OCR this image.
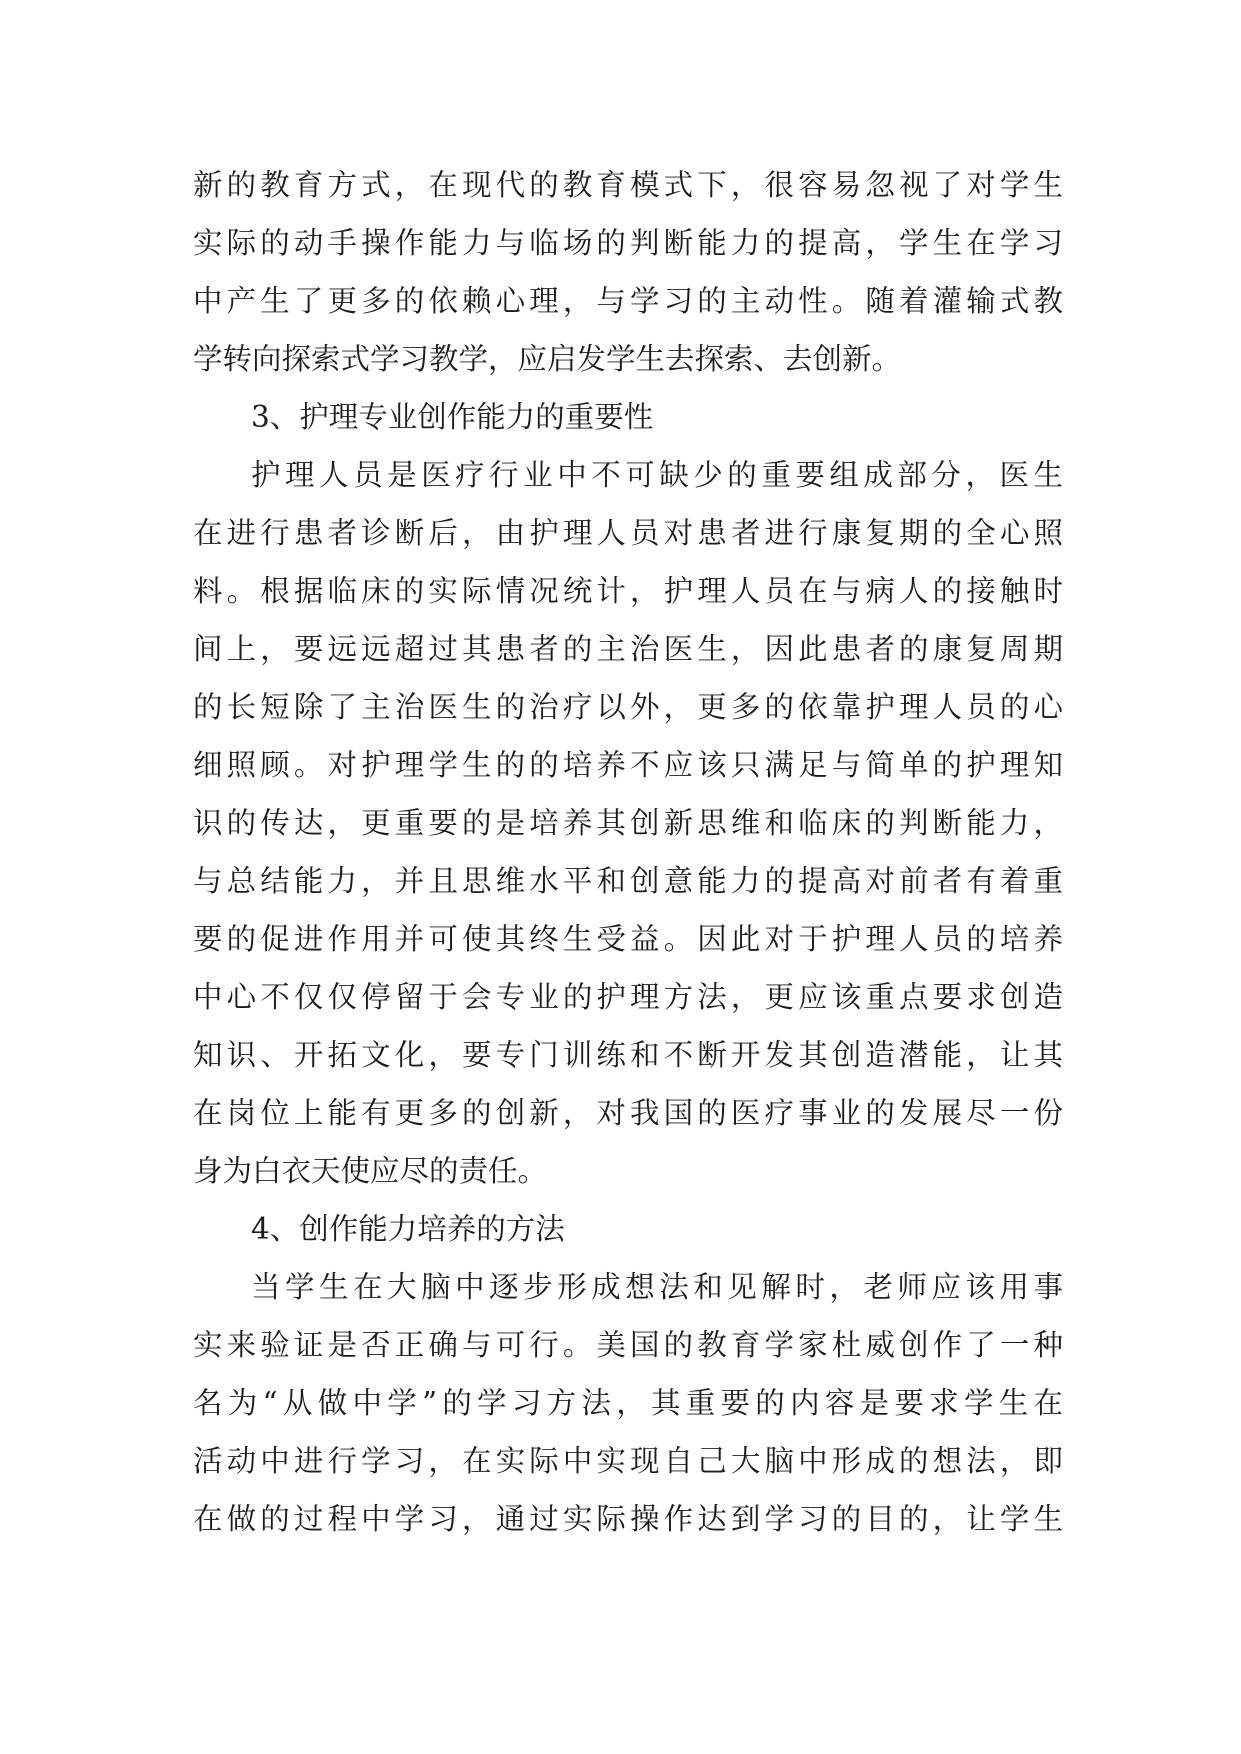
新的教育方式，在现代的教育模式下，很容易忽视了对学生
实际的动手操作能力与临场的判断能力的提高，学生在学习
中产生了更多的依赖心理，与学习的主动性。随着灌输式教
学转向探索式学习教学，应启发学生去探索、去创新。
3、护理专业创作能力的重要性
护理人员是医疗行业中不可缺少的重要组成部分，医生
在进行患者诊断后，由护理人员对患者进行康复期的全心照
料。根据临床的实际情况统计，护理人员在与病人的接触时
间上，要远远超过其患者的主治医生，因此患者的康复周期
的长短除了主治医生的治疗以外，更多的依靠护理人员的心
细照顾。对护理学生的的培养不应该只满足与简单的护理知
识的传达，更重要的是培养其创新思维和临床的判断能力，
与总结能力，并且思维水平和创意能力的提高对前者有着重
要的促进作用并可使其终生受益。因此对于护理人员的培养
中心不仅仅停留于会专业的护理方法，更应该重点要求创造
知识、开拓文化，要专门训练和不断开发其创造潜能，让其
在岗位上能有更多的创新，对我国的医疗事业的发展尽一份
身为白衣天使应尽的责任。
4、创作能力培养的方法
当学生在大脑中逐步形成想法和见解时，老师应该用事
实来验证是否正确与可行。美国的教育学家杜威创作了一种
名为“从做中学”的学习方法，其重要的内容是要求学生在
活动中进行学习，在实际中实现自己大脑中形成的想法，即
在做的过程中学习，通过实际操作达到学习的目的，让学生
